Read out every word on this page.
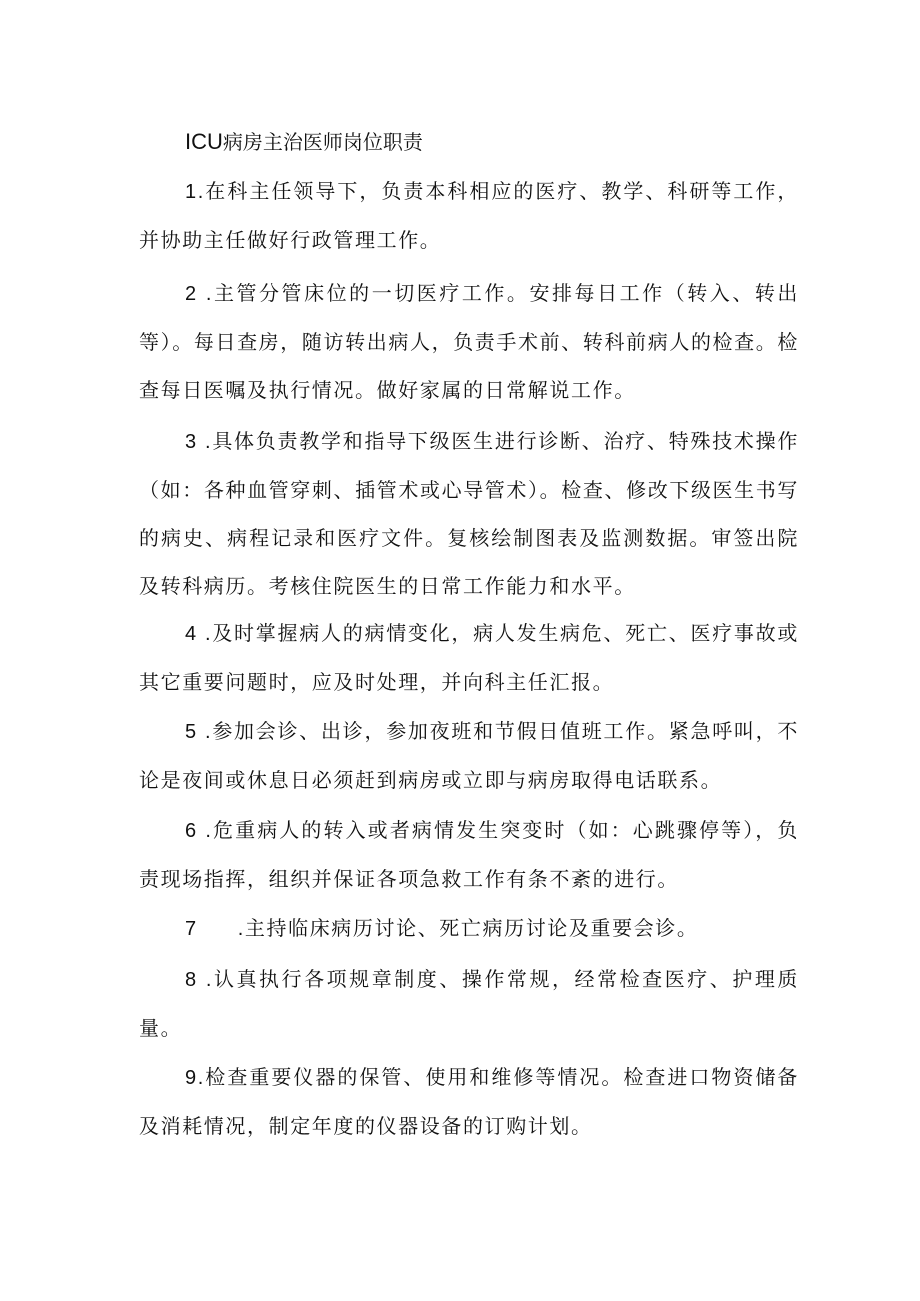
ICU病房主治医师岗位职责

1.在科主任领导下，负责本科相应的医疗、教学、科研等工作，并协助主任做好行政管理工作。

2 .主管分管床位的一切医疗工作。安排每日工作（转入、转出等）。每日查房，随访转出病人，负责手术前、转科前病人的检查。检查每日医嘱及执行情况。做好家属的日常解说工作。

3 .具体负责教学和指导下级医生进行诊断、治疗、特殊技术操作（如：各种血管穿刺、插管术或心导管术）。检查、修改下级医生书写的病史、病程记录和医疗文件。复核绘制图表及监测数据。审签出院及转科病历。考核住院医生的日常工作能力和水平。

4 .及时掌握病人的病情变化，病人发生病危、死亡、医疗事故或其它重要问题时，应及时处理，并向科主任汇报。

5 .参加会诊、出诊，参加夜班和节假日值班工作。紧急呼叫，不论是夜间或休息日必须赶到病房或立即与病房取得电话联系。

6 .危重病人的转入或者病情发生突变时（如：心跳骤停等），负责现场指挥，组织并保证各项急救工作有条不紊的进行。

7 .主持临床病历讨论、死亡病历讨论及重要会诊。

8 .认真执行各项规章制度、操作常规，经常检查医疗、护理质量。

9.检查重要仪器的保管、使用和维修等情况。检查进口物资储备及消耗情况，制定年度的仪器设备的订购计划。
